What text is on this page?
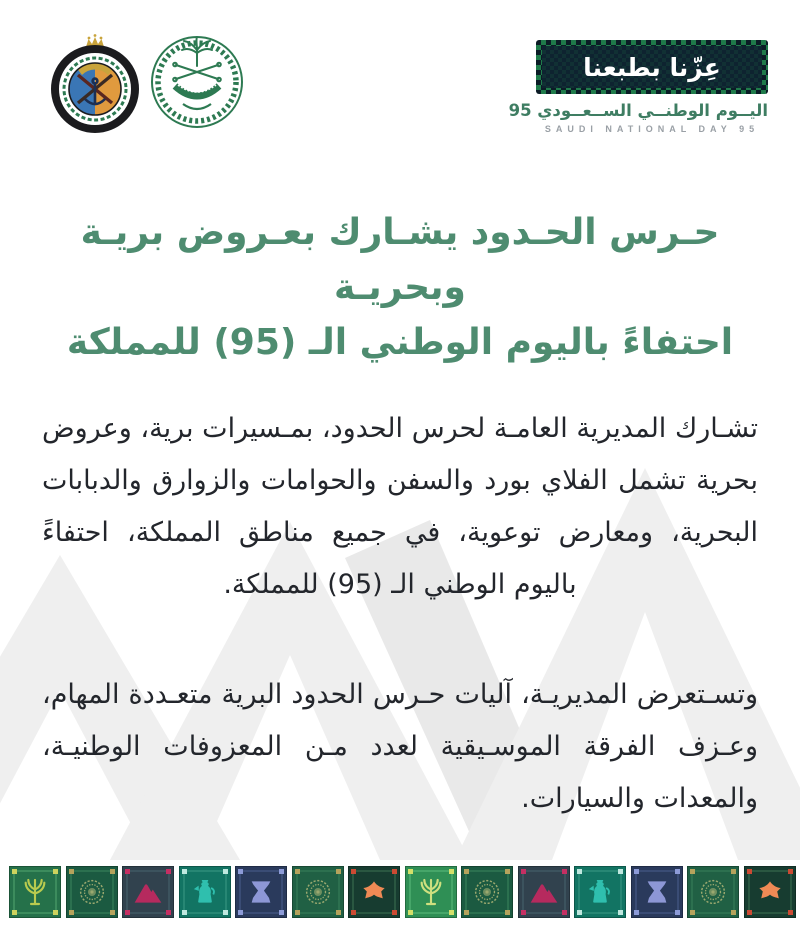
عِزّنا بطبعنا
اليــوم الوطنــي الســعــودي 95
SAUDI NATIONAL DAY 95
حـرس الحـدود يشـارك بعـروض بريـة وبحريـة
احتفاءً باليوم الوطني الـ (95) للمملكة

تشـارك المديرية العامـة لحرس الحدود، بمـسيرات برية، وعروض بحرية تشمل الفلاي بورد والسفن والحوامات والزوارق والدبابات البحرية، ومعارض توعوية، في جميع مناطق المملكة، احتفاءً باليوم الوطني الـ (95) للمملكة.

وتسـتعرض المديريـة، آليات حـرس الحدود البرية متعـددة المهام، وعـزف الفرقة الموسـيقية لعدد مـن المعزوفات الوطنيـة، والمعدات والسيارات.
